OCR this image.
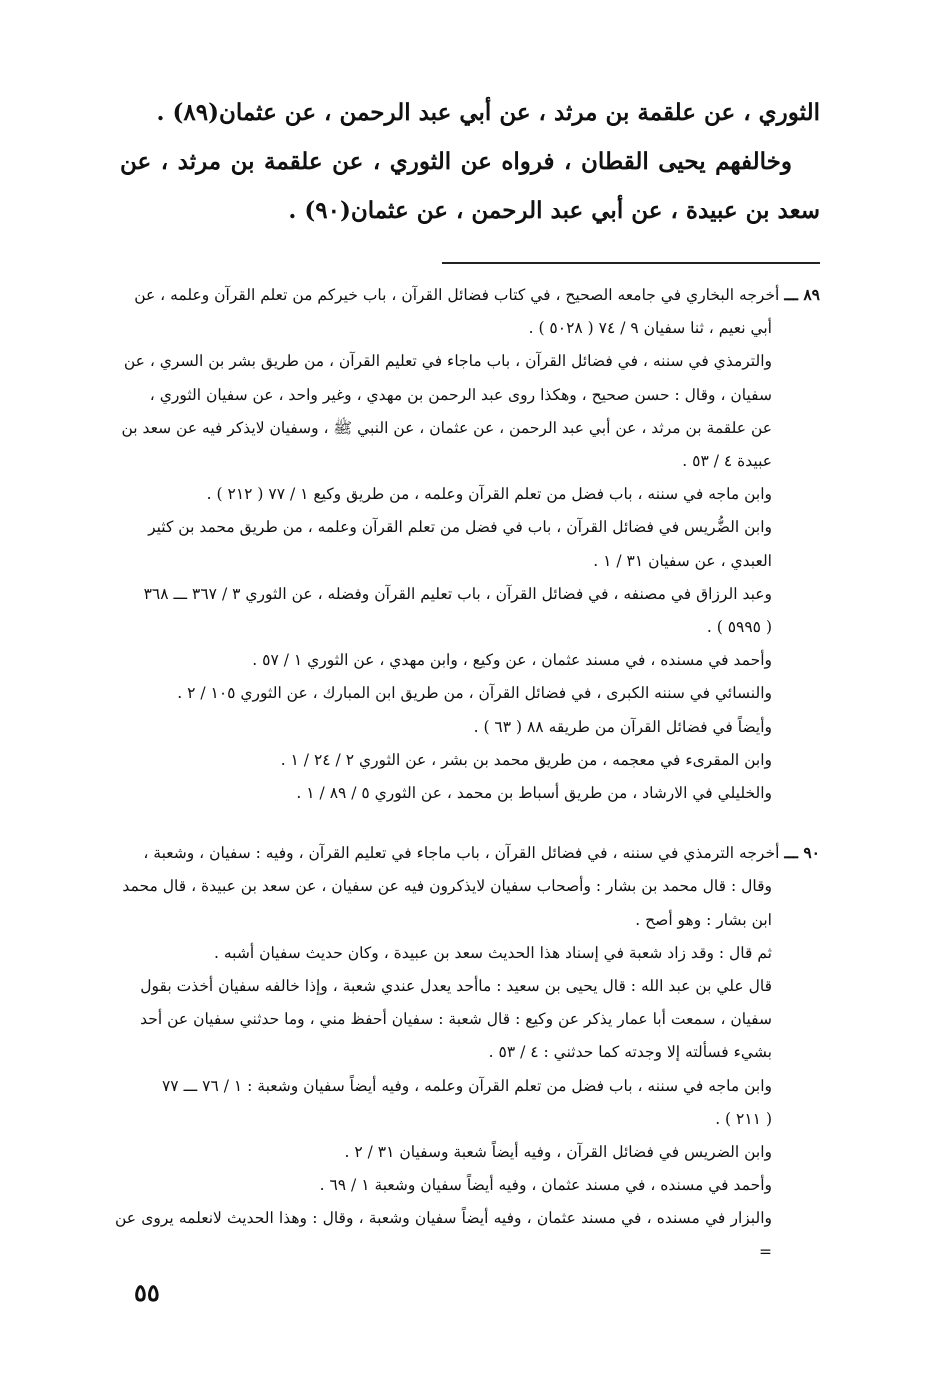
الثوري ، عن علقمة بن مرثد ، عن أبي عبد الرحمن ، عن عثمان(٨٩) .

وخالفهم يحيى القطان ، فرواه عن الثوري ، عن علقمة بن مرثد ، عن سعد بن عبيدة ، عن أبي عبد الرحمن ، عن عثمان(٩٠) .

٨٩ ـــ أخرجه البخاري في جامعه الصحيح ، في كتاب فضائل القرآن ، باب خيركم من تعلم القرآن وعلمه ، عن
أبي نعيم ، ثنا سفيان ٩ / ٧٤ ( ٥٠٢٨ ) .
والترمذي في سننه ، في فضائل القرآن ، باب ماجاء في تعليم القرآن ، من طريق بشر بن السري ، عن
سفيان ، وقال : حسن صحيح ، وهكذا روى عبد الرحمن بن مهدي ، وغير واحد ، عن سفيان الثوري ،
عن علقمة بن مرثد ، عن أبي عبد الرحمن ، عن عثمان ، عن النبي ﷺ ، وسفيان لايذكر فيه عن سعد بن
عبيدة ٤ / ٥٣ .
وابن ماجه في سننه ، باب فضل من تعلم القرآن وعلمه ، من طريق وكيع ١ / ٧٧ ( ٢١٢ ) .
وابن الضُّريس في فضائل القرآن ، باب في فضل من تعلم القرآن وعلمه ، من طريق محمد بن كثير
العبدي ، عن سفيان ٣١ / ١ .
وعبد الرزاق في مصنفه ، في فضائل القرآن ، باب تعليم القرآن وفضله ، عن الثوري ٣ / ٣٦٧ ـــ ٣٦٨
( ٥٩٩٥ ) .
وأحمد في مسنده ، في مسند عثمان ، عن وكيع ، وابن مهدي ، عن الثوري ١ / ٥٧ .
والنسائي في سننه الكبرى ، في فضائل القرآن ، من طريق ابن المبارك ، عن الثوري ١٠٥ / ٢ .
وأيضاً في فضائل القرآن من طريقه ٨٨ ( ٦٣ ) .
وابن المقرىء في معجمه ، من طريق محمد بن بشر ، عن الثوري ٢ / ٢٤ / ١ .
والخليلي في الارشاد ، من طريق أسباط بن محمد ، عن الثوري ٥ / ٨٩ / ١ .
٩٠ ـــ أخرجه الترمذي في سننه ، في فضائل القرآن ، باب ماجاء في تعليم القرآن ، وفيه : سفيان ، وشعبة ،
وقال : قال محمد بن بشار : وأصحاب سفيان لايذكرون فيه عن سفيان ، عن سعد بن عبيدة ، قال محمد
ابن بشار : وهو أصح .
ثم قال : وقد زاد شعبة في إسناد هذا الحديث سعد بن عبيدة ، وكان حديث سفيان أشبه .
قال علي بن عبد الله : قال يحيى بن سعيد : ماأحد يعدل عندي شعبة ، وإذا خالفه سفيان أخذت بقول
سفيان ، سمعت أبا عمار يذكر عن وكيع : قال شعبة : سفيان أحفظ مني ، وما حدثني سفيان عن أحد
بشيء فسألته إلا وجدته كما حدثني : ٤ / ٥٣ .
وابن ماجه في سننه ، باب فضل من تعلم القرآن وعلمه ، وفيه أيضاً سفيان وشعبة : ١ / ٧٦ ـــ ٧٧
( ٢١١ ) .
وابن الضريس في فضائل القرآن ، وفيه أيضاً شعبة وسفيان ٣١ / ٢ .
وأحمد في مسنده ، في مسند عثمان ، وفيه أيضاً سفيان وشعبة ١ / ٦٩ .
والبزار في مسنده ، في مسند عثمان ، وفيه أيضاً سفيان وشعبة ، وقال : وهذا الحديث لانعلمه يروى عن =
٥٥
